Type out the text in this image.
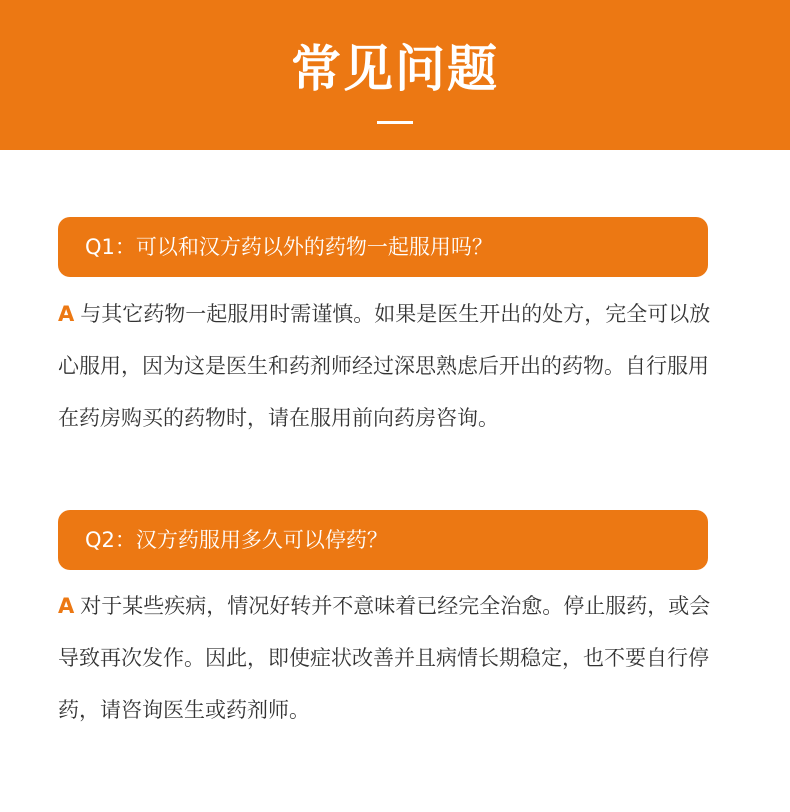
常见问题
Q1：可以和汉方药以外的药物一起服用吗？
A 与其它药物一起服用时需谨慎。如果是医生开出的处方，完全可以放心服用，因为这是医生和药剂师经过深思熟虑后开出的药物。自行服用在药房购买的药物时，请在服用前向药房咨询。
Q2：汉方药服用多久可以停药？
A 对于某些疾病，情况好转并不意味着已经完全治愈。停止服药，或会导致再次发作。因此，即使症状改善并且病情长期稳定，也不要自行停药，请咨询医生或药剂师。
